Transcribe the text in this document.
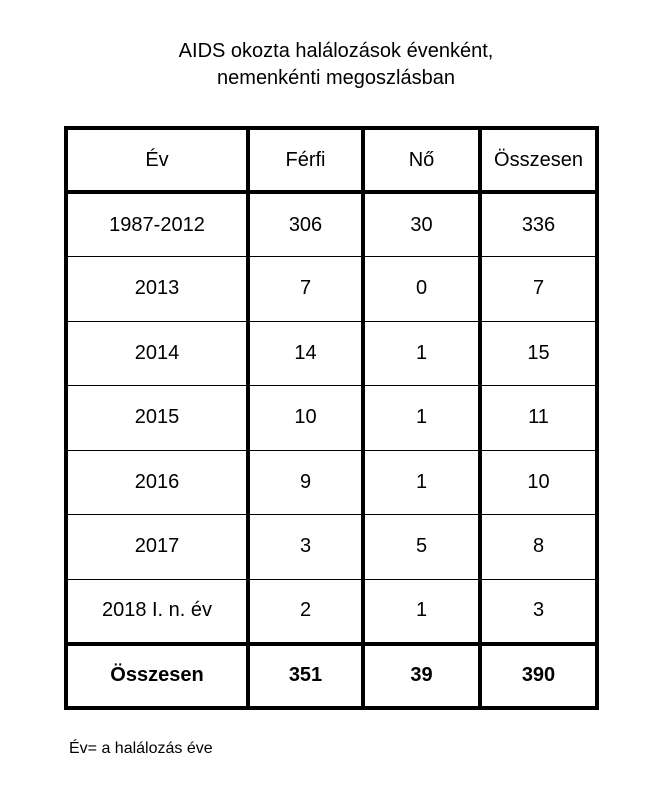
AIDS okozta halálozások évenként,
nemenkénti megoszlásban
Év	Férfi	Nő	Összesen
1987-2012	306	30	336
2013	7	0	7
2014	14	1	15
2015	10	1	11
2016	9	1	10
2017	3	5	8
2018 I. n. év	2	1	3
Összesen	351	39	390
Év= a halálozás éve
